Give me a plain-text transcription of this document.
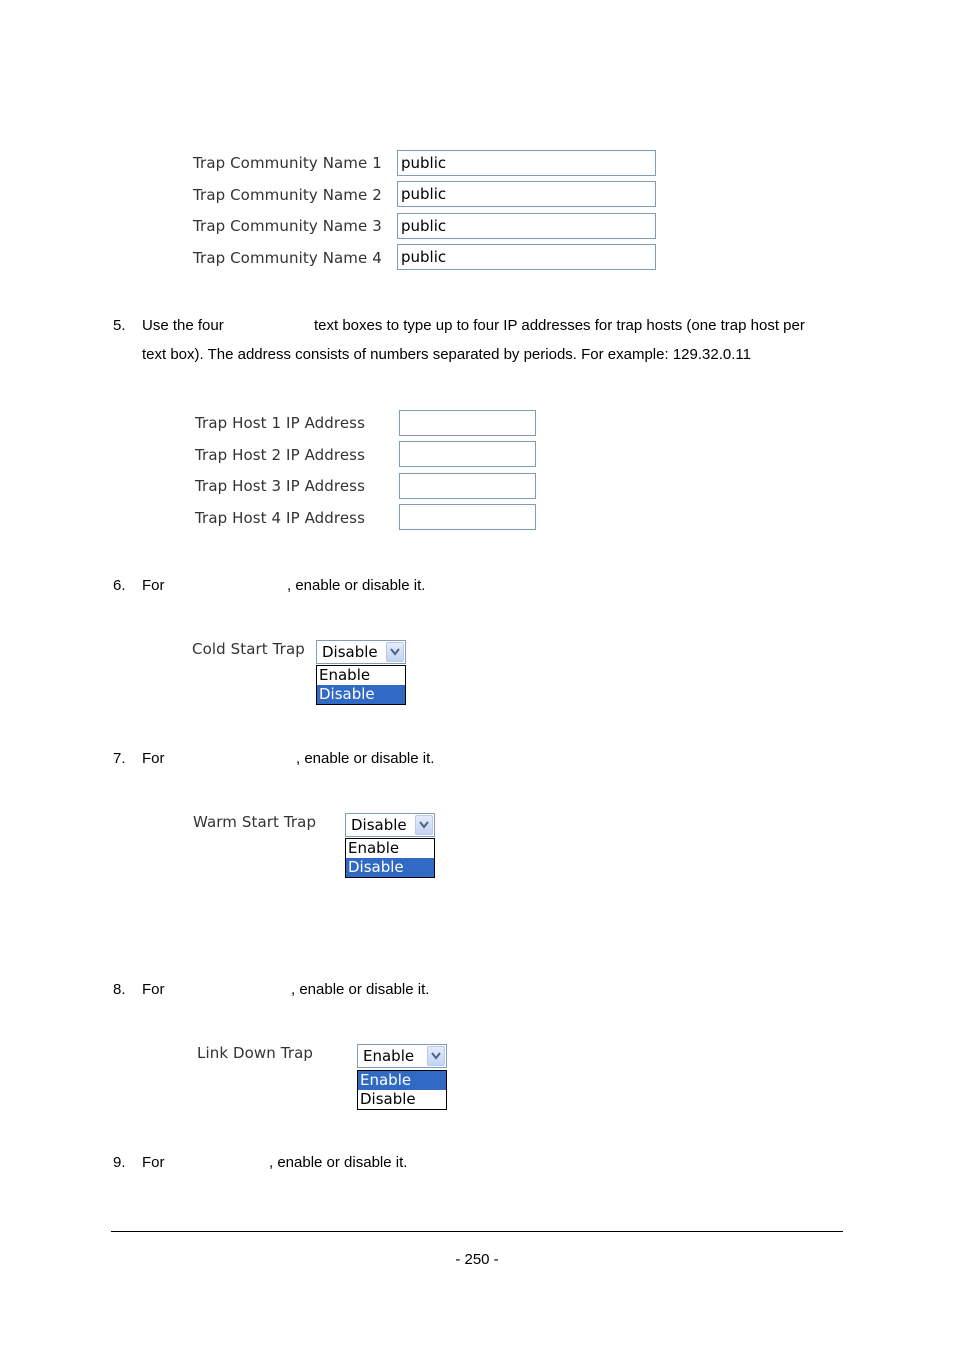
Trap Community Name 1 public
Trap Community Name 2 public
Trap Community Name 3 public
Trap Community Name 4 public
5. Use the four	text boxes to type up to four IP addresses for trap hosts (one trap host per
text box). The address consists of numbers separated by periods. For example: 129.32.0.11
Trap Host 1 IP Address
Trap Host 2 IP Address
Trap Host 3 IP Address
Trap Host 4 IP Address
6. For	, enable or disable it.
Cold Start Trap Disable
Enable
Disable
7. For	, enable or disable it.
Warm Start Trap Disable
Enable
Disable
8. For	, enable or disable it.
Link Down Trap	Enable
Enable
Disable
9. For	, enable or disable it.
- 250 -
